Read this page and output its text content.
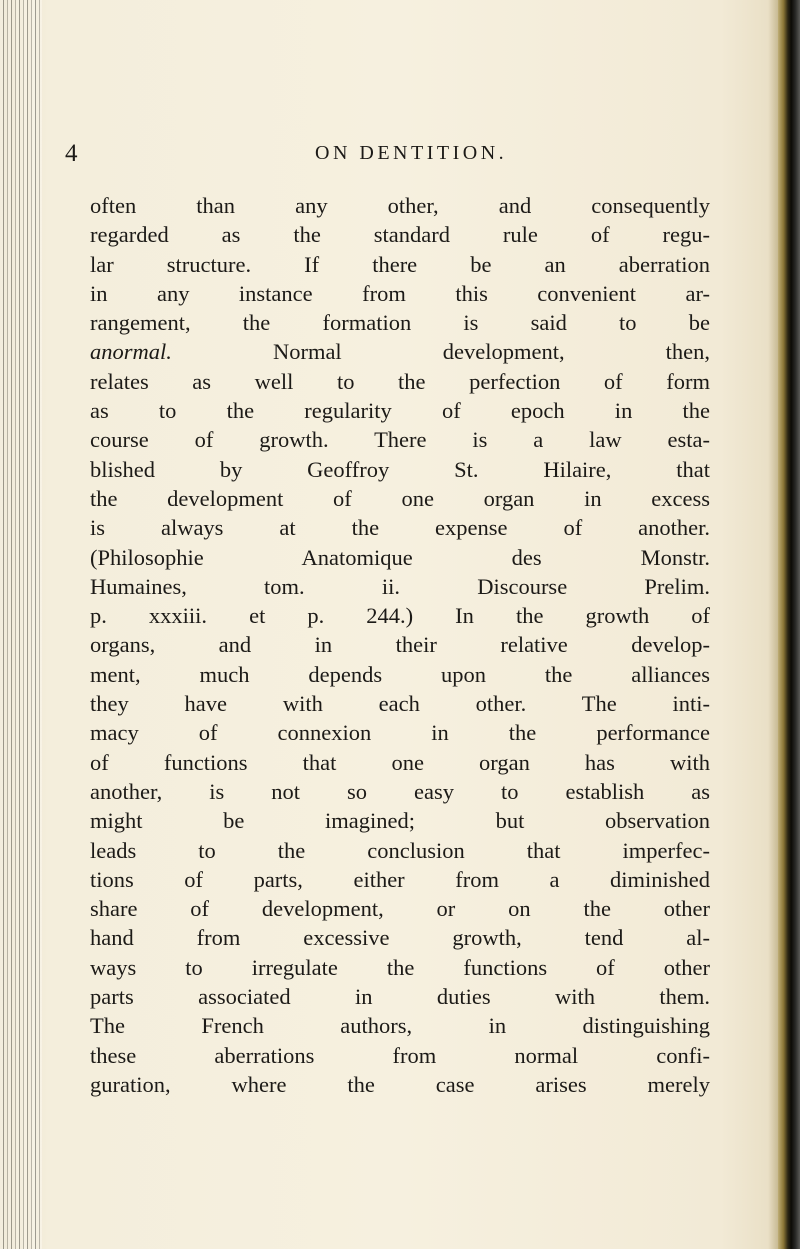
4	ON DENTITION.
often than any other, and consequently
regarded as the standard rule of regu-
lar structure. If there be an aberration
in any instance from this convenient ar-
rangement, the formation is said to be
anormal.	Normal development, then,
relates as well to the perfection of form
as to the regularity of epoch in the
course of growth. There is a law esta-
blished by Geoffroy St. Hilaire, that
the development of one organ in excess
is always at the expense of another.
(Philosophie Anatomique des Monstr.
Humaines, tom. ii. Discourse Prelim.
p. xxxiii. et p. 244.) In the growth of
organs, and in their relative develop-
ment, much depends upon the alliances
they have with each other. The inti-
macy of connexion in the performance
of functions that one organ has with
another, is not so easy to establish as
might be imagined; but observation
leads to the conclusion that imperfec-
tions of parts, either from a diminished
share of development, or on the other
hand from excessive growth, tend al-
ways to irregulate the functions of other
parts associated in duties with them.
The French authors, in distinguishing
these aberrations from normal confi-
guration, where the case arises merely
